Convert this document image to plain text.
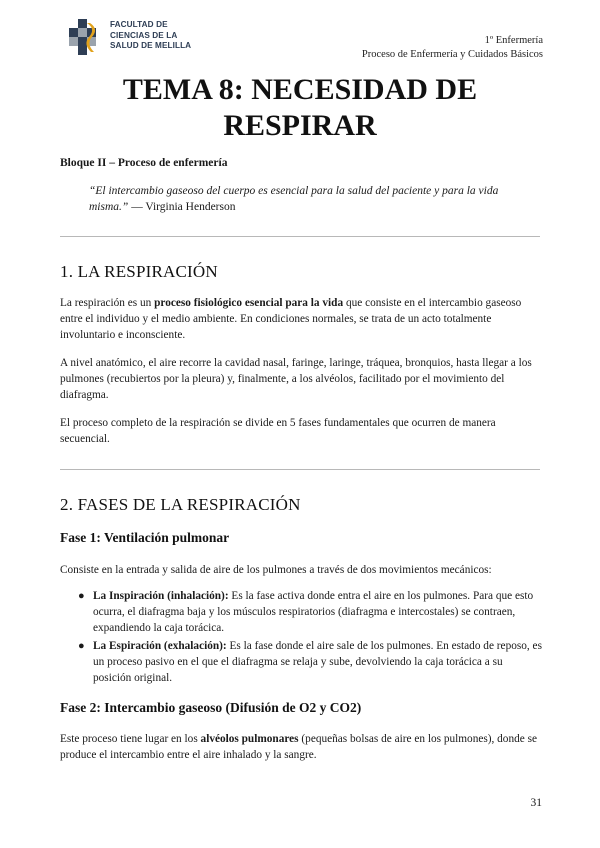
FACULTAD DE
CIENCIAS DE LA
SALUD DE MELILLA	1º Enfermería
Proceso de Enfermería y Cuidados Básicos
TEMA 8: NECESIDAD DE
RESPIRAR
Bloque II – Proceso de enfermería
“El intercambio gaseoso del cuerpo es esencial para la salud del paciente y para la vida misma.” — Virginia Henderson
1. LA RESPIRACIÓN
La respiración es un proceso fisiológico esencial para la vida que consiste en el intercambio gaseoso entre el individuo y el medio ambiente. En condiciones normales, se trata de un acto totalmente involuntario e inconsciente.
A nivel anatómico, el aire recorre la cavidad nasal, faringe, laringe, tráquea, bronquios, hasta llegar a los pulmones (recubiertos por la pleura) y, finalmente, a los alvéolos, facilitado por el movimiento del diafragma.
El proceso completo de la respiración se divide en 5 fases fundamentales que ocurren de manera secuencial.
2. FASES DE LA RESPIRACIÓN
Fase 1: Ventilación pulmonar
Consiste en la entrada y salida de aire de los pulmones a través de dos movimientos mecánicos:
● La Inspiración (inhalación): Es la fase activa donde entra el aire en los pulmones. Para que esto ocurra, el diafragma baja y los músculos respiratorios (diafragma e intercostales) se contraen, expandiendo la caja torácica.
● La Espiración (exhalación): Es la fase donde el aire sale de los pulmones. En estado de reposo, es un proceso pasivo en el que el diafragma se relaja y sube, devolviendo la caja torácica a su posición original.
Fase 2: Intercambio gaseoso (Difusión de O2 y CO2)
Este proceso tiene lugar en los alvéolos pulmonares (pequeñas bolsas de aire en los pulmones), donde se produce el intercambio entre el aire inhalado y la sangre.
31
